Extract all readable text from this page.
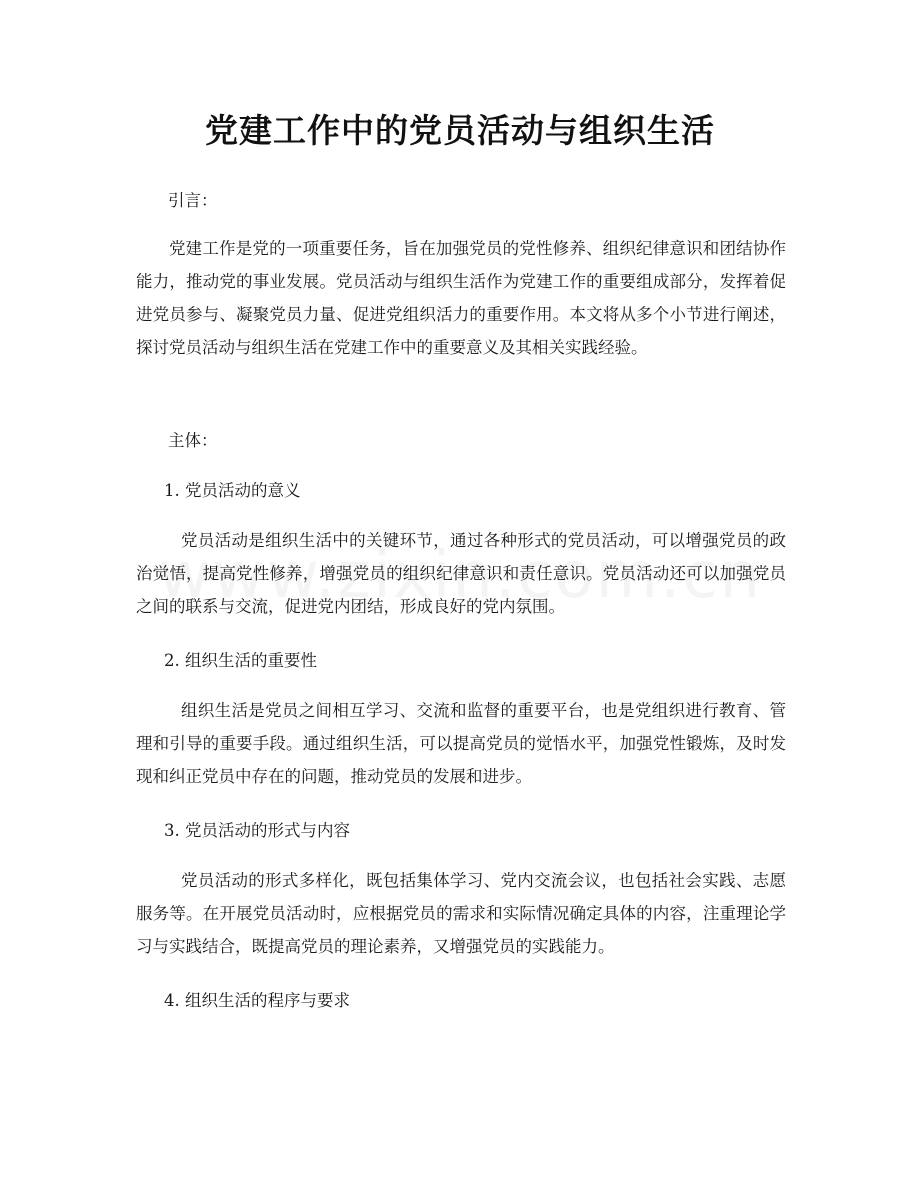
党建工作中的党员活动与组织生活

引言：

党建工作是党的一项重要任务，旨在加强党员的党性修养、组织纪律意识和团结协作能力，推动党的事业发展。党员活动与组织生活作为党建工作的重要组成部分，发挥着促进党员参与、凝聚党员力量、促进党组织活力的重要作用。本文将从多个小节进行阐述，探讨党员活动与组织生活在党建工作中的重要意义及其相关实践经验。

主体：

1. 党员活动的意义

党员活动是组织生活中的关键环节，通过各种形式的党员活动，可以增强党员的政治觉悟，提高党性修养，增强党员的组织纪律意识和责任意识。党员活动还可以加强党员之间的联系与交流，促进党内团结，形成良好的党内氛围。

2. 组织生活的重要性

组织生活是党员之间相互学习、交流和监督的重要平台，也是党组织进行教育、管理和引导的重要手段。通过组织生活，可以提高党员的觉悟水平，加强党性锻炼，及时发现和纠正党员中存在的问题，推动党员的发展和进步。

3. 党员活动的形式与内容

党员活动的形式多样化，既包括集体学习、党内交流会议，也包括社会实践、志愿服务等。在开展党员活动时，应根据党员的需求和实际情况确定具体的内容，注重理论学习与实践结合，既提高党员的理论素养，又增强党员的实践能力。

4. 组织生活的程序与要求
